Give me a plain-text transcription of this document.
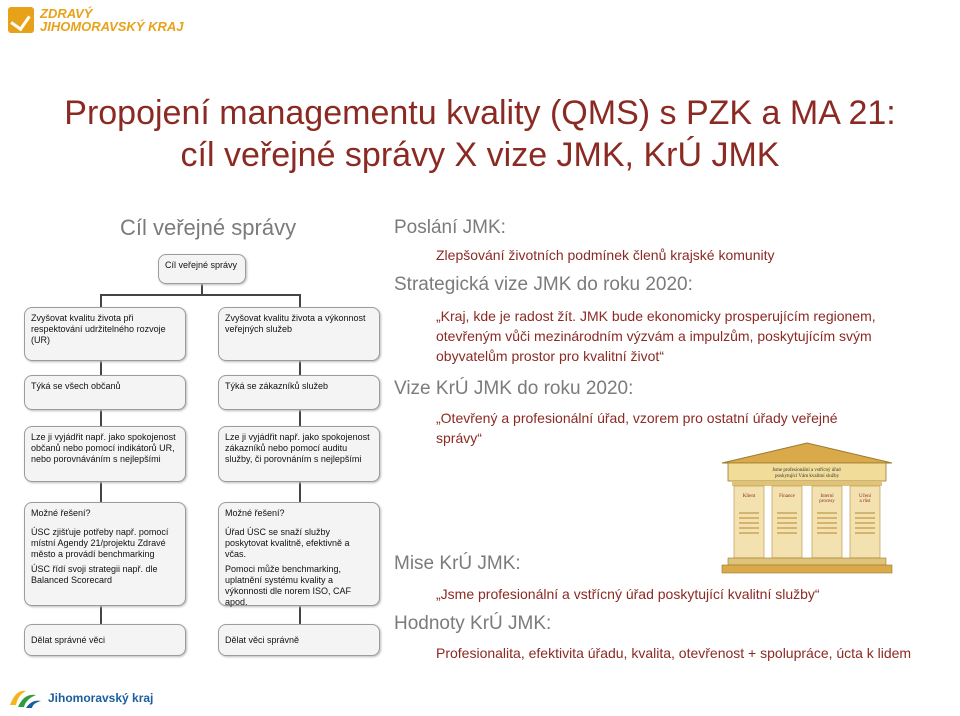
ZDRAVÝ
JIHOMORAVSKÝ KRAJ
Propojení managementu kvality (QMS) s PZK a MA 21:
cíl veřejné správy X vize JMK, KrÚ JMK
Cíl veřejné správy
Cíl veřejné správy
Zvyšovat kvalitu života při respektování udržitelného rozvoje (UR)
Zvyšovat kvalitu života a výkonnost veřejných služeb
Týká se všech občanů	Týká se zákazníků služeb
Lze ji vyjádřit např. jako spokojenost občanů nebo pomocí indikátorů UR, nebo porovnáváním s nejlepšími
Lze ji vyjádřit např. jako spokojenost zákazníků nebo pomocí auditu služby, či porovnáním s nejlepšími
Možné řešení?
ÚSC zjišťuje potřeby např. pomocí místní Agendy 21/projektu Zdravé město a provádí benchmarking
ÚSC řídí svoji strategii např. dle Balanced Scorecard
Možné řešení?
Úřad ÚSC se snaží služby poskytovat kvalitně, efektivně a včas.
Pomoci může benchmarking, uplatnění systému kvality a výkonnosti dle norem ISO, CAF apod.
Dělat správné věci	Dělat věci správně
Poslání JMK:
Zlepšování životních podmínek členů krajské komunity
Strategická vize JMK do roku 2020:
„Kraj, kde je radost žít. JMK bude ekonomicky prosperujícím regionem, otevřeným vůči mezinárodním výzvám a impulzům, poskytujícím svým obyvatelům prostor pro kvalitní život“
Vize KrÚ JMK do roku 2020:
„Otevřený a profesionální úřad, vzorem pro ostatní úřady veřejné správy“
Jsme profesionální a vstřícný úřad poskytující Vám kvalitní služby
Klient	Finance	Interní procesy
Učení a růst
Mise KrÚ JMK:
„Jsme profesionální a vstřícný úřad poskytující kvalitní služby“
Hodnoty KrÚ JMK:
Profesionalita, efektivita úřadu, kvalita, otevřenost + spolupráce, úcta k lidem
Jihomoravský kraj
